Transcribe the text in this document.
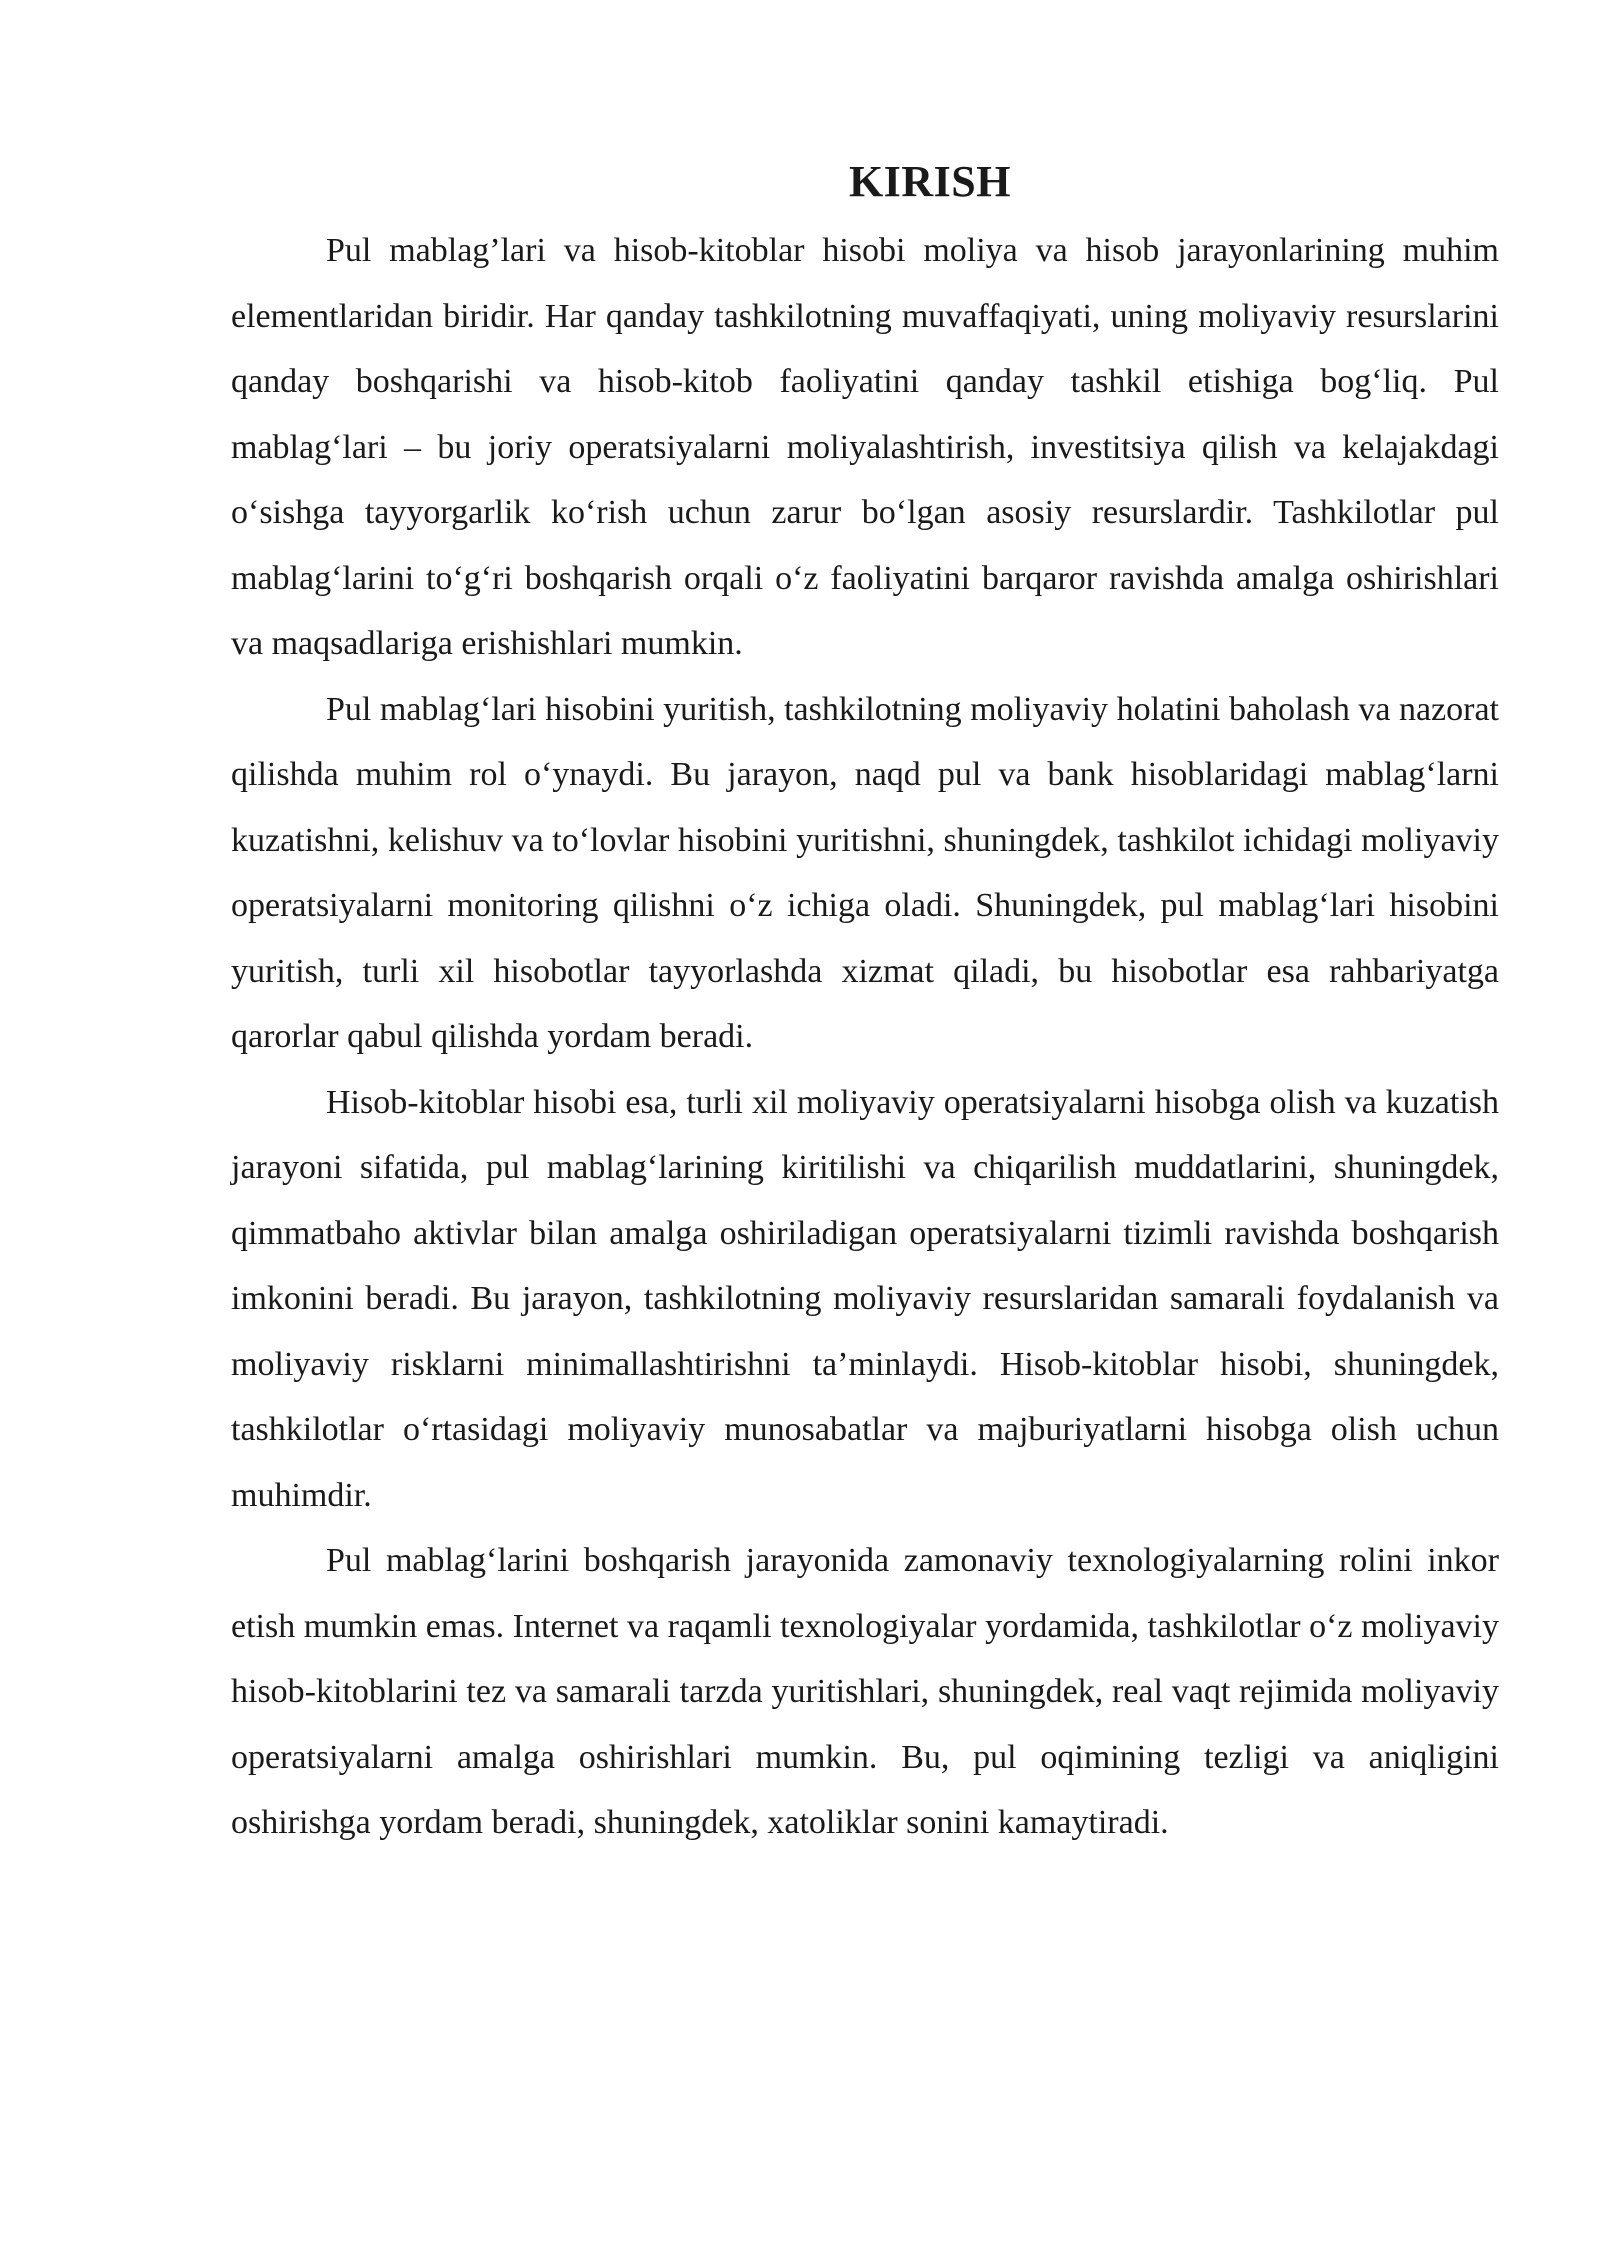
KIRISH

Pul mablag’lari va hisob-kitoblar hisobi moliya va hisob jarayonlarining muhim elementlaridan biridir. Har qanday tashkilotning muvaffaqiyati, uning moliyaviy resurslarini qanday boshqarishi va hisob-kitob faoliyatini qanday tashkil etishiga bog‘liq. Pul mablag‘lari – bu joriy operatsiyalarni moliyalashtirish, investitsiya qilish va kelajakdagi o‘sishga tayyorgarlik ko‘rish uchun zarur bo‘lgan asosiy resurslardir. Tashkilotlar pul mablag‘larini to‘g‘ri boshqarish orqali o‘z faoliyatini barqaror ravishda amalga oshirishlari va maqsadlariga erishishlari mumkin.

Pul mablag‘lari hisobini yuritish, tashkilotning moliyaviy holatini baholash va nazorat qilishda muhim rol o‘ynaydi. Bu jarayon, naqd pul va bank hisoblaridagi mablag‘larni kuzatishni, kelishuv va to‘lovlar hisobini yuritishni, shuningdek, tashkilot ichidagi moliyaviy operatsiyalarni monitoring qilishni o‘z ichiga oladi. Shuningdek, pul mablag‘lari hisobini yuritish, turli xil hisobotlar tayyorlashda xizmat qiladi, bu hisobotlar esa rahbariyatga qarorlar qabul qilishda yordam beradi.

Hisob-kitoblar hisobi esa, turli xil moliyaviy operatsiyalarni hisobga olish va kuzatish jarayoni sifatida, pul mablag‘larining kiritilishi va chiqarilish muddatlarini, shuningdek, qimmatbaho aktivlar bilan amalga oshiriladigan operatsiyalarni tizimli ravishda boshqarish imkonini beradi. Bu jarayon, tashkilotning moliyaviy resurslaridan samarali foydalanish va moliyaviy risklarni minimallashtirishni ta’minlaydi. Hisob-kitoblar hisobi, shuningdek, tashkilotlar o‘rtasidagi moliyaviy munosabatlar va majburiyatlarni hisobga olish uchun muhimdir.

Pul mablag‘larini boshqarish jarayonida zamonaviy texnologiyalarning rolini inkor etish mumkin emas. Internet va raqamli texnologiyalar yordamida, tashkilotlar o‘z moliyaviy hisob-kitoblarini tez va samarali tarzda yuritishlari, shuningdek, real vaqt rejimida moliyaviy operatsiyalarni amalga oshirishlari mumkin. Bu, pul oqimining tezligi va aniqligini oshirishga yordam beradi, shuningdek, xatoliklar sonini kamaytiradi.
